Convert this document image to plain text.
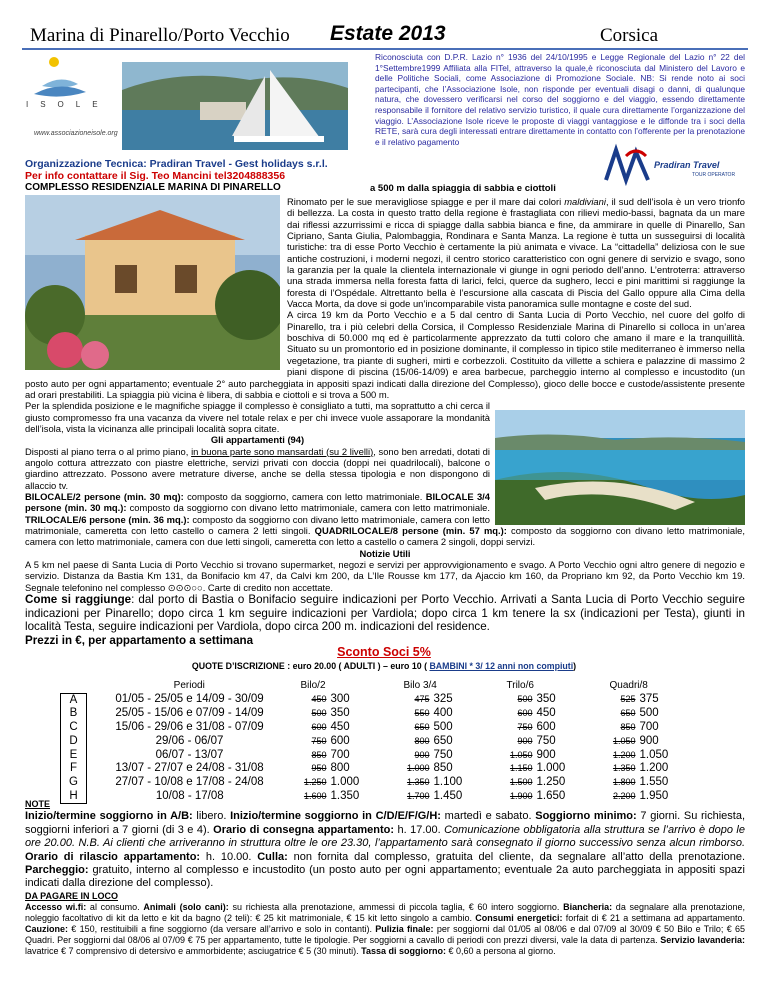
Marina di Pinarello/Porto Vecchio Estate 2013	Corsica
ISOLE
www.associazioneisole.org
Riconosciuta con D.P.R. Lazio n° 1936 del 24/10/1995 e Legge Regionale del Lazio n° 22 del 1°Settembre1999 Affiliata alla FITel, attraverso la quale,è riconosciuta dal Ministero del Lavoro e delle Politiche Sociali, come Associazione di Promozione Sociale. NB: Si rende noto ai soci partecipanti, che l’Associazione Isole, non risponde per eventuali disagi o danni, di qualunque natura, che dovessero verificarsi nel corso del soggiorno e del viaggio, essendo direttamente responsabile il fornitore del relativo servizio turistico, il quale cura direttamente l’organizzazione del viaggio. L’Associazione Isole riceve le proposte di viaggi vantaggiose e le diffonde tra i soci della RETE, sarà cura degli interessati entrare direttamente in contatto con l’offerente per la prenotazione e il relativo pagamento
Pradiran Travel
TOUR OPERATOR
Organizzazione Tecnica: Pradiran Travel - Gest holidays s.r.l.
Per info contattare il Sig. Teo Mancini tel3204888356
COMPLESSO RESIDENZIALE MARINA DI PINARELLO	a 500 m dalla spiaggia di sabbia e ciottoli
Rinomato per le sue meravigliose spiagge e per il mare dai colori maldiviani, il sud dell’isola è un vero trionfo di bellezza. La costa in questo tratto della regione è frastagliata con rilievi medio-bassi, bagnata da un mare dai riflessi azzurrissimi e ricca di spiagge dalla sabbia bianca e fine, da ammirare in quelle di Pinarello, San Cipriano, Santa Giulia, Palombaggia, Rondinara e Santa Manza. La regione è tutta un susseguirsi di località turistiche: tra di esse Porto Vecchio è certamente la più animata e vivace. La “cittadella” deliziosa con le sue antiche costruzioni, i moderni negozi, il centro storico caratteristico con ogni genere di servizio e svago, sono la garanzia per la quale la clientela internazionale vi giunge in ogni periodo dell’anno. L’entroterra: attraverso una strada immersa nella foresta fatta di larici, felci, querce da sughero, lecci e pini marittimi si raggiunge la foresta di l’Ospédale. Altrettanto bella è l’escursione alla cascata di Piscia del Gallo oppure alla Cima della Vacca Morta, da dove si gode un’incomparabile vista panoramica sulle montagne e coste del sud.
A circa 19 km da Porto Vecchio e a 5 dal centro di Santa Lucia di Porto Vecchio, nel cuore del golfo di Pinarello, tra i più celebri della Corsica, il Complesso Residenziale Marina di Pinarello si colloca in un’area boschiva di 50.000 mq ed è particolarmente apprezzato da tutti coloro che amano il mare e la tranquillità. Situato su un promontorio ed in posizione dominante, il complesso in tipico stile mediterraneo è immerso nella vegetazione, tra piante di sugheri, mirti e corbezzoli. Costituito da villette a schiera e palazzine di massimo 2 piani dispone di piscina (15/06-14/09) e area barbecue, parcheggio interno al complesso e incustodito (un posto auto per ogni appartamento; eventuale 2° auto parcheggiata in appositi spazi indicati dalla direzione del Complesso), gioco delle bocce e custode/assistente presente ad orari prestabiliti. La spiaggia più vicina è libera, di sabbia e ciottoli e si trova a 500 m.
Per la splendida posizione e le magnifiche spiagge il complesso è consigliato a tutti, ma soprattutto a chi cerca il giusto compromesso fra una vacanza da vivere nel totale relax e per chi invece vuole assaporare la mondanità dell’isola, vista la vicinanza alle principali località sopra citate.
Gli appartamenti (94)
Disposti al piano terra o al primo piano, in buona parte sono mansardati (su 2 livelli), sono ben arredati, dotati di angolo cottura attrezzato con piastre elettriche, servizi privati con doccia (doppi nei quadrilocali), balcone o giardino attrezzato. Possono avere metrature diverse, anche se della stessa tipologia e non dispongono di allaccio tv.
BILOCALE/2 persone (min. 30 mq): composto da soggiorno, camera con letto matrimoniale. BILOCALE 3/4 persone (min. 30 mq.): composto da soggiorno con divano letto matrimoniale, camera con letto matrimoniale. TRILOCALE/6 persone (min. 36 mq.): composto da soggiorno con divano letto matrimoniale, camera con letto matrimoniale, cameretta con letto castello o camera 2 letti singoli. QUADRILOCALE/8 persone (min. 57 mq.): composto da soggiorno con divano letto matrimoniale, camera con letto matrimoniale, camera con due letti singoli, cameretta con letto a castello o camera 2 singoli, doppi servizi.
Notizie Utili
A 5 km nel paese di Santa Lucia di Porto Vecchio si trovano supermarket, negozi e servizi per approvvigionamento e svago. A Porto Vecchio ogni altro genere di negozio e servizio. Distanza da Bastia Km 131, da Bonifacio km 47, da Calvi km 200, da L’Ile Rousse km 177, da Ajaccio km 160, da Propriano km 92, da Porto Vecchio km 19. Segnale telefonino nel complesso ⊙⊙⊙○○. Carte di credito non accettate.
Come si raggiunge: dal porto di Bastia o Bonifacio seguire indicazioni per Porto Vecchio. Arrivati a Santa Lucia di Porto Vecchio seguire indicazioni per Pinarello; dopo circa 1 km seguire indicazioni per Vardiola; dopo circa 1 km tenere la sx (indicazioni per Testa), giunti in località Testa, seguire indicazioni per Vardiola, dopo circa 200 m. indicazioni del residence.
Prezzi in €, per appartamento a settimana
Sconto Soci 5%
QUOTE D’ISCRIZIONE : euro 20.00 ( ADULTI ) – euro 10 ( BAMBINI * 3/ 12 anni non compiuti)
	Periodi	Bilo/2	Bilo 3/4	Trilo/6	Quadri/8
A	01/05 - 25/05 e 14/09 - 30/09	450 300	475 325	500 350	525 375
B	25/05 - 15/06 e 07/09 - 14/09	500 350	550 400	600 450	650 500
C	15/06 - 29/06 e 31/08 - 07/09	600 450	650 500	750 600	850 700
D	29/06 - 06/07	750 600	800 650	900 750	1.050 900
E	06/07 - 13/07	850 700	900 750	1.050 900	1.200 1.050
F	13/07 - 27/07 e 24/08 - 31/08	950 800	1.000 850	1.150 1.000	1.350 1.200
G	27/07 - 10/08 e 17/08 - 24/08	1.250 1.000	1.350 1.100	1.500 1.250	1.800 1.550
H	10/08 - 17/08	1.600 1.350	1.700 1.450	1.900 1.650	2.200 1.950
NOTE
Inizio/termine soggiorno in A/B: libero. Inizio/termine soggiorno in C/D/E/F/G/H: martedì e sabato. Soggiorno minimo: 7 giorni. Su richiesta, soggiorni inferiori a 7 giorni (di 3 e 4). Orario di consegna appartamento: h. 17.00. Comunicazione obbligatoria alla struttura se l’arrivo è dopo le ore 20.00. N.B. Ai clienti che arriveranno in struttura oltre le ore 23.30, l’appartamento sarà consegnato il giorno successivo senza alcun rimborso. Orario di rilascio appartamento: h. 10.00. Culla: non fornita dal complesso, gratuita del cliente, da segnalare all’atto della prenotazione. Parcheggio: gratuito, interno al complesso e incustodito (un posto auto per ogni appartamento; eventuale 2a auto parcheggiata in appositi spazi indicati dalla direzione del complesso).
DA PAGARE IN LOCO
Accesso wi.fi: al consumo. Animali (solo cani): su richiesta alla prenotazione, ammessi di piccola taglia, € 60 intero soggiorno. Biancheria: da segnalare alla prenotazione, noleggio facoltativo di kit da letto e kit da bagno (2 teli): € 25 kit matrimoniale, € 15 kit letto singolo a cambio. Consumi energetici: forfait di € 21 a settimana ad appartamento. Cauzione: € 150, restituibili a fine soggiorno (da versare all’arrivo e solo in contanti). Pulizia finale: per soggiorni dal 01/05 al 08/06 e dal 07/09 al 30/09 € 50 Bilo e Trilo; € 65 Quadri. Per soggiorni dal 08/06 al 07/09 € 75 per appartamento, tutte le tipologie. Per soggiorni a cavallo di periodi con prezzi diversi, vale la data di partenza. Servizio lavanderia: lavatrice € 7 comprensivo di detersivo e ammorbidente; asciugatrice € 5 (30 minuti). Tassa di soggiorno: € 0,60 a persona al giorno.
